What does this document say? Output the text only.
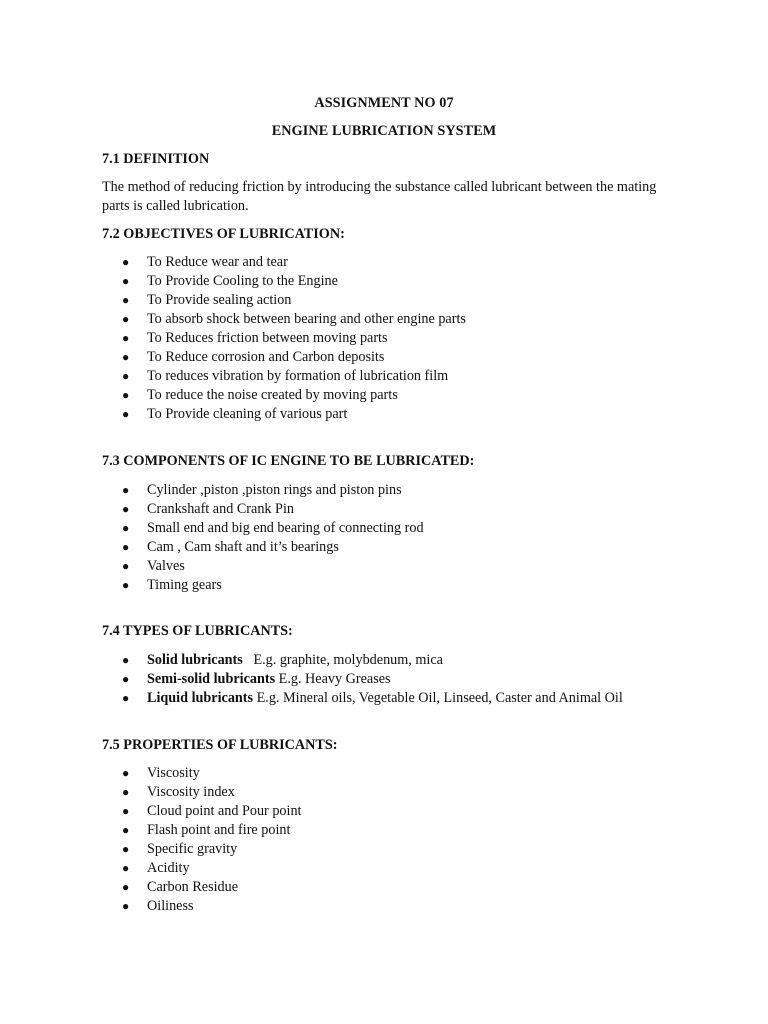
ASSIGNMENT NO 07
ENGINE LUBRICATION SYSTEM
7.1 DEFINITION
The method of reducing friction by introducing the substance called lubricant between the mating parts is called lubrication.
7.2 OBJECTIVES OF LUBRICATION:
● To Reduce wear and tear
● To Provide Cooling to the Engine
● To Provide sealing action
● To absorb shock between bearing and other engine parts
● To Reduces friction between moving parts
● To Reduce corrosion and Carbon deposits
● To reduces vibration by formation of lubrication film
● To reduce the noise created by moving parts
● To Provide cleaning of various part
7.3 COMPONENTS OF IC ENGINE TO BE LUBRICATED:
● Cylinder ,piston ,piston rings and piston pins
● Crankshaft and Crank Pin
● Small end and big end bearing of connecting rod
● Cam , Cam shaft and it’s bearings
● Valves
● Timing gears
7.4 TYPES OF LUBRICANTS:
● Solid lubricants   E.g. graphite, molybdenum, mica
● Semi-solid lubricants E.g. Heavy Greases
● Liquid lubricants E.g. Mineral oils, Vegetable Oil, Linseed, Caster and Animal Oil
7.5 PROPERTIES OF LUBRICANTS:
● Viscosity
● Viscosity index
● Cloud point and Pour point
● Flash point and fire point
● Specific gravity
● Acidity
● Carbon Residue
● Oiliness
